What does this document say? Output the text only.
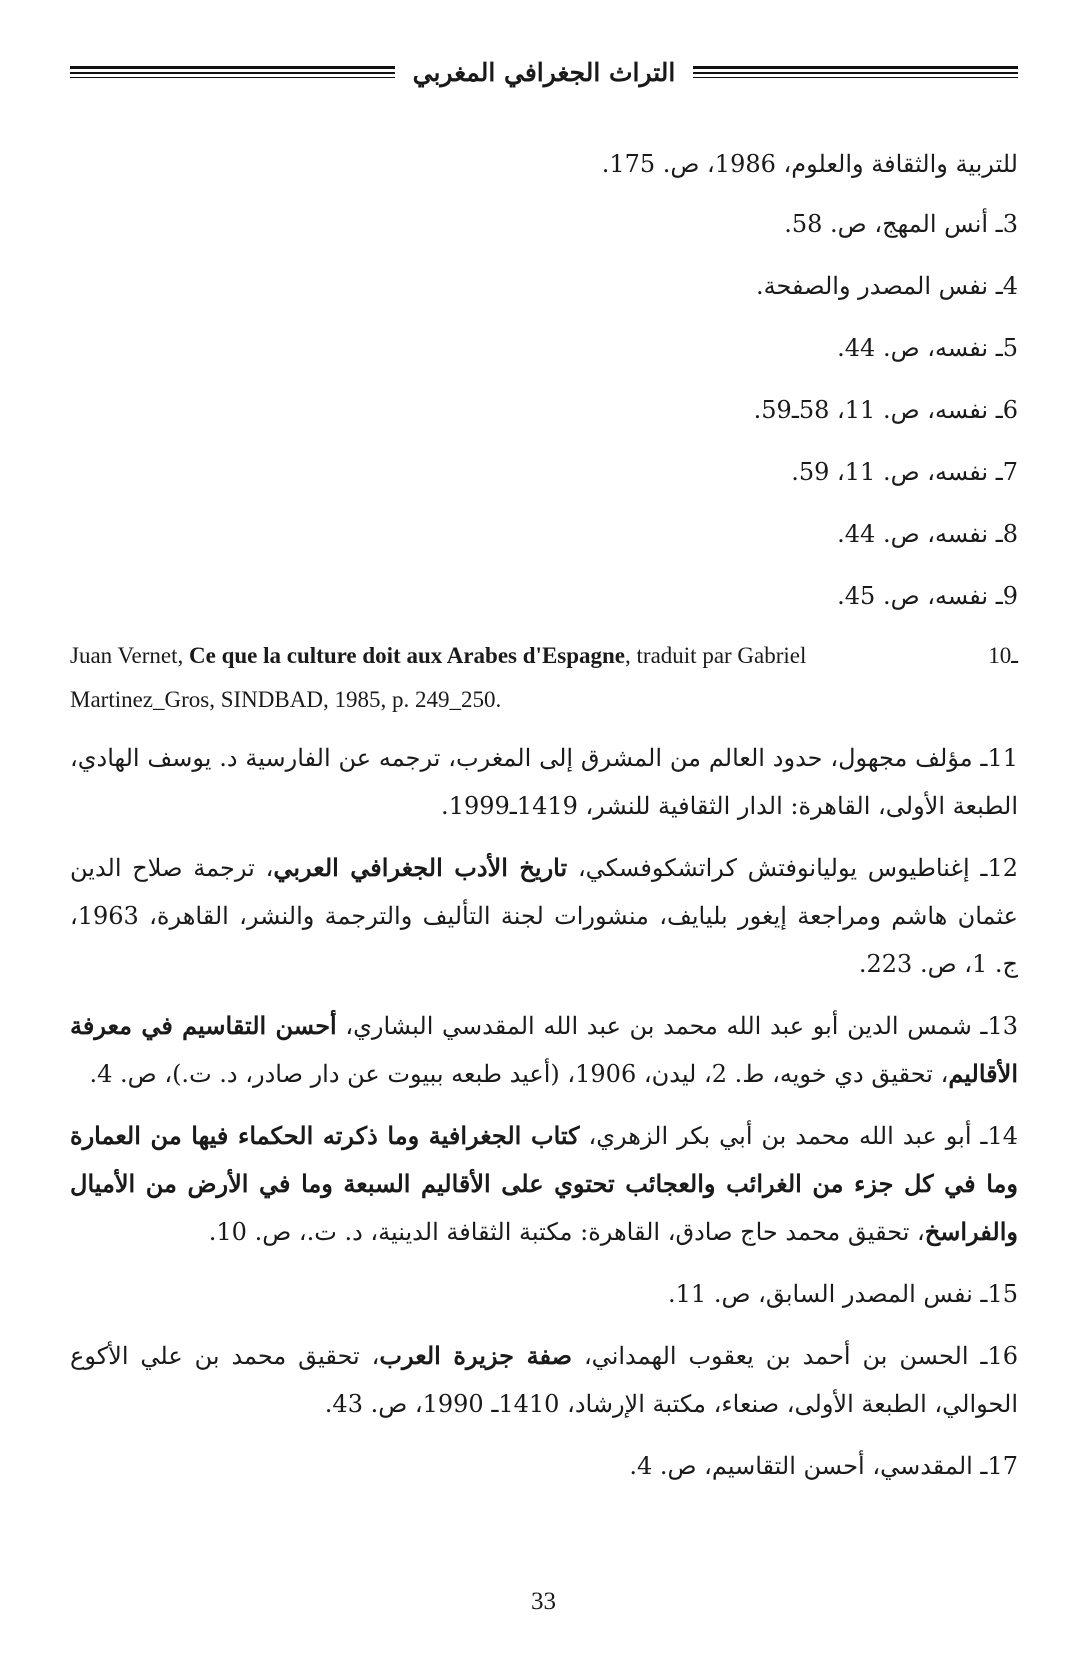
التراث الجغرافي المغربي

للتربية والثقافة والعلوم، 1986، ص. 175.

3ـ أنس المهج، ص. 58.

4ـ نفس المصدر والصفحة.

5ـ نفسه، ص. 44.

6ـ نفسه، ص. 11، 58ـ59.

7ـ نفسه، ص. 11، 59.

8ـ نفسه، ص. 44.

9ـ نفسه، ص. 45.

Juan Vernet, Ce que la culture doit aux Arabes d'Espagne, traduit par Gabriel	ـ10
Martinez_Gros, SINDBAD, 1985, p. 249_250.

11ـ مؤلف مجهول، حدود العالم من المشرق إلى المغرب، ترجمه عن الفارسية د. يوسف الهادي، الطبعة الأولى، القاهرة: الدار الثقافية للنشر، 1419ـ1999.

12ـ إغناطيوس يوليانوفتش كراتشكوفسكي، تاريخ الأدب الجغرافي العربي، ترجمة صلاح الدين عثمان هاشم ومراجعة إيغور بليايف، منشورات لجنة التأليف والترجمة والنشر، القاهرة، 1963، ج. 1، ص. 223.

13ـ شمس الدين أبو عبد الله محمد بن عبد الله المقدسي البشاري، أحسن التقاسيم في معرفة الأقاليم، تحقيق دي خويه، ط. 2، ليدن، 1906، (أعيد طبعه ببيوت عن دار صادر، د. ت.)، ص. 4.

14ـ أبو عبد الله محمد بن أبي بكر الزهري، كتاب الجغرافية وما ذكرته الحكماء فيها من العمارة وما في كل جزء من الغرائب والعجائب تحتوي على الأقاليم السبعة وما في الأرض من الأميال والفراسخ، تحقيق محمد حاج صادق، القاهرة: مكتبة الثقافة الدينية، د. ت.، ص. 10.

15ـ نفس المصدر السابق، ص. 11.

16ـ الحسن بن أحمد بن يعقوب الهمداني، صفة جزيرة العرب، تحقيق محمد بن علي الأكوع الحوالي، الطبعة الأولى، صنعاء، مكتبة الإرشاد، 1410ـ 1990، ص. 43.

17ـ المقدسي، أحسن التقاسيم، ص. 4.

33
